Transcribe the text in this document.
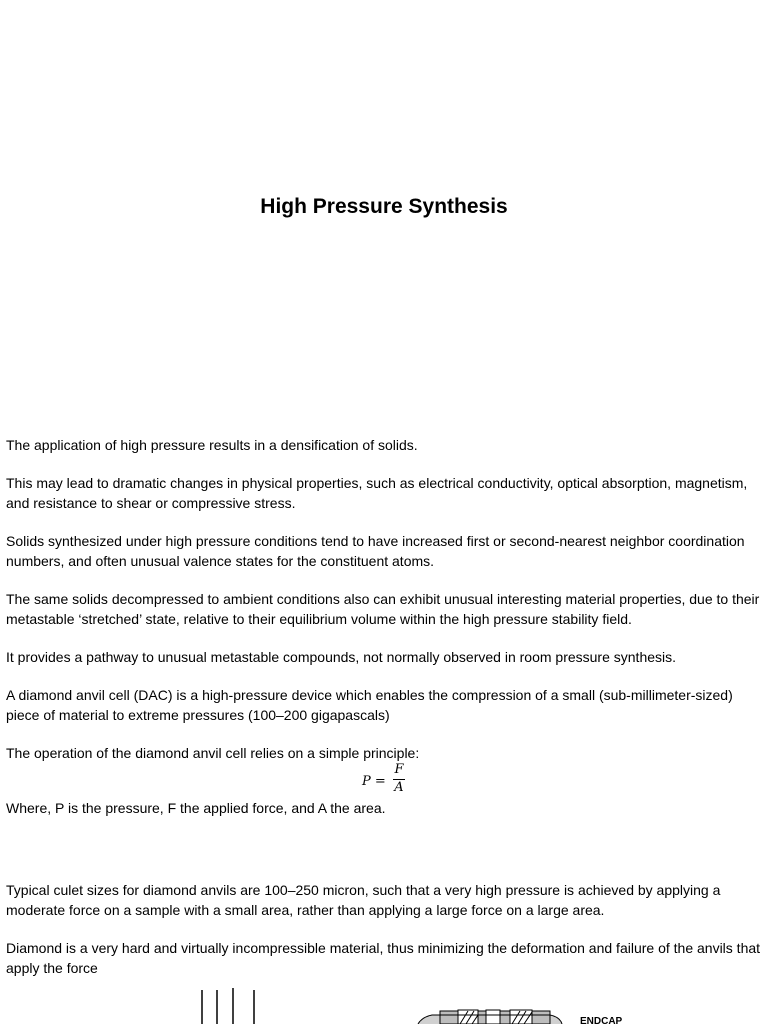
High Pressure Synthesis
The application of high pressure results in a densification of solids.
This may lead to dramatic changes in physical properties, such as electrical conductivity, optical absorption, magnetism, and resistance to shear or compressive stress.
Solids synthesized under high pressure conditions tend to have increased first or second-nearest neighbor coordination numbers, and often unusual valence states for the constituent atoms.
The same solids decompressed to ambient conditions also can exhibit unusual interesting material properties, due to their metastable ‘stretched’ state, relative to their equilibrium volume within the high pressure stability field.
It provides a pathway to unusual metastable compounds, not normally observed in room pressure synthesis.
A diamond anvil cell (DAC) is a high-pressure device which enables the compression of a small (sub-millimeter-sized) piece of material to extreme pressures (100–200 gigapascals)
The operation of the diamond anvil cell relies on a simple principle:
P =
F
A
Where, P is the pressure, F the applied force, and A the area.
Typical culet sizes for diamond anvils are 100–250 micron, such that a very high pressure is achieved by applying a moderate force on a sample with a small area, rather than applying a large force on a large area.
Diamond is a very hard and virtually incompressible material, thus minimizing the deformation and failure of the anvils that apply the force
ENDCAP
